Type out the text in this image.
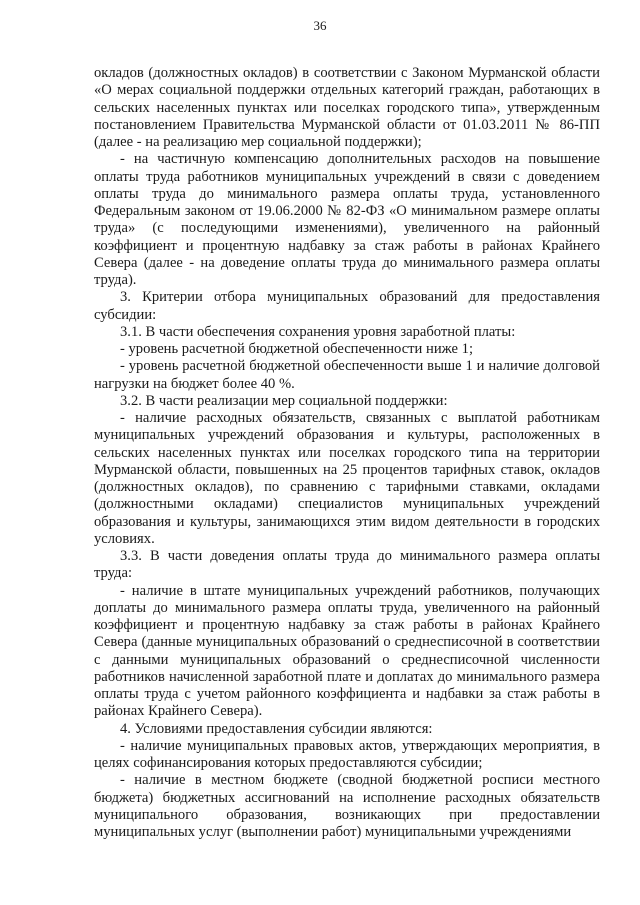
36

окладов (должностных окладов) в соответствии с Законом Мурманской области «О мерах социальной поддержки отдельных категорий граждан, работающих в сельских населенных пунктах или поселках городского типа», утвержденным постановлением Правительства Мурманской области от 01.03.2011 № 86-ПП (далее - на реализацию мер социальной поддержки);

- на частичную компенсацию дополнительных расходов на повышение оплаты труда работников муниципальных учреждений в связи с доведением оплаты труда до минимального размера оплаты труда, установленного Федеральным законом от 19.06.2000 № 82-ФЗ «О минимальном размере оплаты труда» (с последующими изменениями), увеличенного на районный коэффициент и процентную надбавку за стаж работы в районах Крайнего Севера (далее - на доведение оплаты труда до минимального размера оплаты труда).

3. Критерии отбора муниципальных образований для предоставления субсидии:

3.1. В части обеспечения сохранения уровня заработной платы:

- уровень расчетной бюджетной обеспеченности ниже 1;

- уровень расчетной бюджетной обеспеченности выше 1 и наличие долговой нагрузки на бюджет более 40 %.

3.2. В части реализации мер социальной поддержки:

- наличие расходных обязательств, связанных с выплатой работникам муниципальных учреждений образования и культуры, расположенных в сельских населенных пунктах или поселках городского типа на территории Мурманской области, повышенных на 25 процентов тарифных ставок, окладов (должностных окладов), по сравнению с тарифными ставками, окладами (должностными окладами) специалистов муниципальных учреждений образования и культуры, занимающихся этим видом деятельности в городских условиях.

3.3. В части доведения оплаты труда до минимального размера оплаты труда:

- наличие в штате муниципальных учреждений работников, получающих доплаты до минимального размера оплаты труда, увеличенного на районный коэффициент и процентную надбавку за стаж работы в районах Крайнего Севера (данные муниципальных образований о среднесписочной в соответствии с данными муниципальных образований о среднесписочной численности работников начисленной заработной плате и доплатах до минимального размера оплаты труда с учетом районного коэффициента и надбавки за стаж работы в районах Крайнего Севера).

4. Условиями предоставления субсидии являются:

- наличие муниципальных правовых актов, утверждающих мероприятия, в целях софинансирования которых предоставляются субсидии;

- наличие в местном бюджете (сводной бюджетной росписи местного бюджета) бюджетных ассигнований на исполнение расходных обязательств муниципального образования, возникающих при предоставлении муниципальных услуг (выполнении работ) муниципальными учреждениями
